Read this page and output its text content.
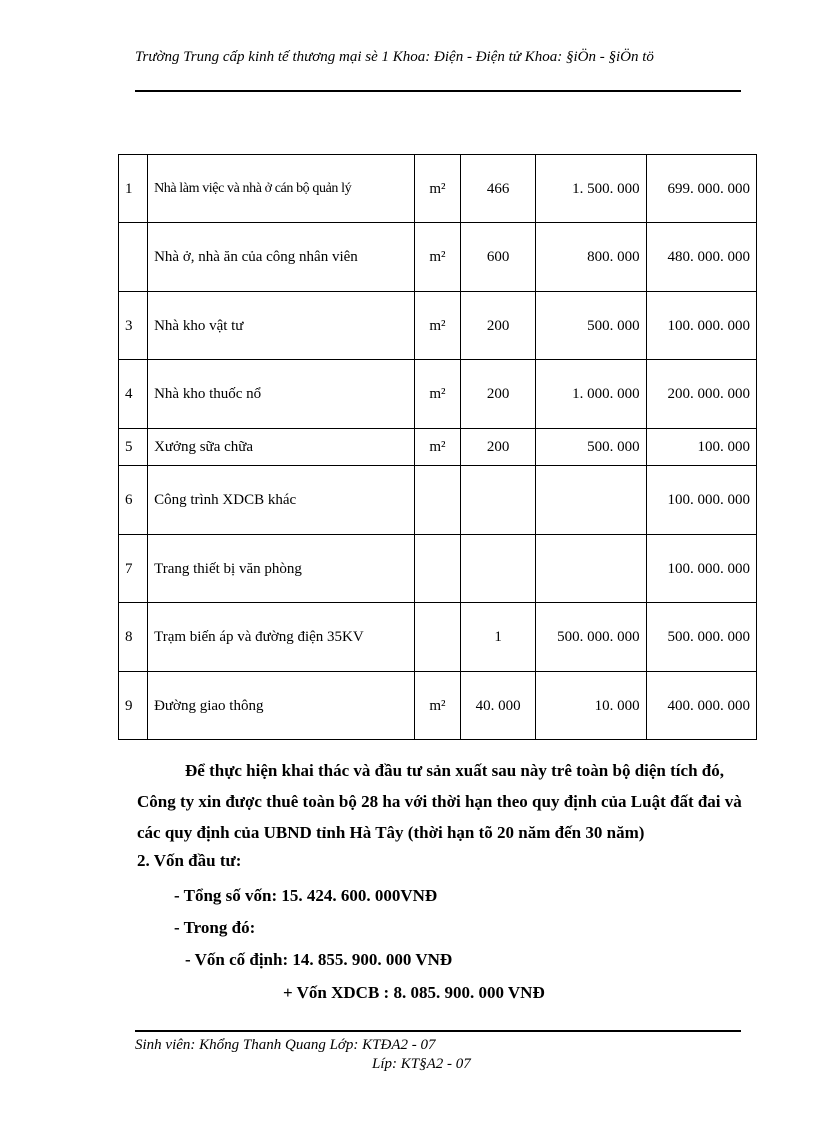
Trường Trung cấp kinh tế thương mại sè 1 Khoa: Điện - Điện tử Khoa: §iÖn - §iÖn tö
1	Nhà làm việc và nhà ở cán bộ quản lý	m²	466	1. 500. 000	699. 000. 000
	Nhà ở, nhà ăn của công nhân viên	m²	600	800. 000	480. 000. 000
3	Nhà kho vật tư	m²	200	500. 000	100. 000. 000
4	Nhà kho thuốc nổ	m²	200	1. 000. 000	200. 000. 000
5	Xưởng sữa chữa	m²	200	500. 000	100. 000
6	Công trình XDCB khác				100. 000. 000
7	Trang thiết bị văn phòng				100. 000. 000
8	Trạm biến áp và đường điện 35KV		1	500. 000. 000	500. 000. 000
9	Đường giao thông	m²	40. 000	10. 000	400. 000. 000
Để thực hiện khai thác và đầu tư sản xuất sau này trê toàn bộ diện tích đó, Công ty xin được thuê toàn bộ 28 ha với thời hạn theo quy định của Luật đất đai và các quy định của UBND tỉnh Hà Tây (thời hạn tõ 20 năm đến 30 năm)
2. Vốn đầu tư:
- Tổng số vốn: 15. 424. 600. 000VNĐ
- Trong đó:
- Vốn cố định: 14. 855. 900. 000 VNĐ
+ Vốn XDCB : 8. 085. 900. 000 VNĐ
Sinh viên: Khổng Thanh Quang Lớp: KTĐA2 - 07
Líp: KT§A2 - 07
